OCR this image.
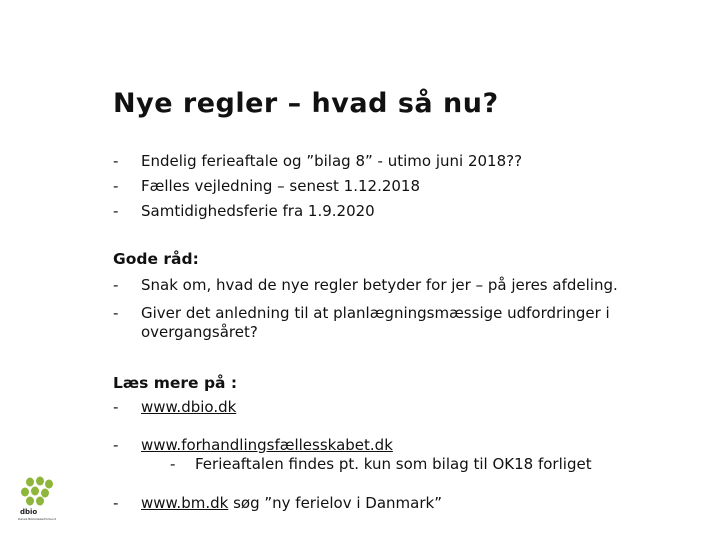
Nye regler – hvad så nu?
- Endelig ferieaftale og ”bilag 8” - utimo juni 2018??
- Fælles vejledning – senest 1.12.2018
- Samtidighedsferie fra 1.9.2020
Gode råd:
- Snak om, hvad de nye regler betyder for jer – på jeres afdeling.
- Giver det anledning til at planlægningsmæssige udfordringer i
overgangsåret?
Læs mere på :
- www.dbio.dk
- www.forhandlingsfællesskabet.dk
- Ferieaftalen findes pt. kun som bilag til OK18 forliget
- www.bm.dk søg ”ny ferielov i Danmark”
dbio
Dansk Bibliotekarforbund
